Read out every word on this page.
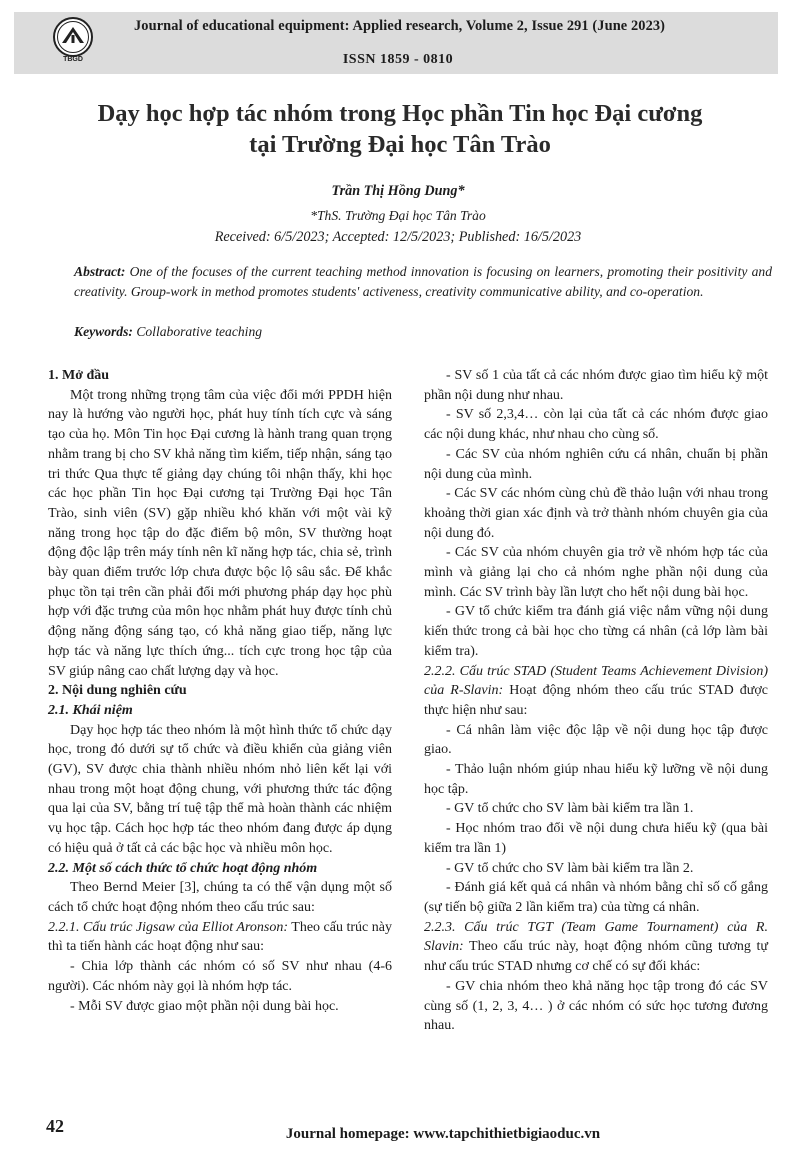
TBGD
Journal of educational equipment: Applied research, Volume 2, Issue 291 (June 2023)
ISSN 1859 - 0810
Dạy học hợp tác nhóm trong Học phần Tin học Đại cương
tại Trường Đại học Tân Trào
Trần Thị Hồng Dung*
*ThS. Trường Đại học Tân Trào
Received: 6/5/2023; Accepted: 12/5/2023; Published: 16/5/2023

Abstract: One of the focuses of the current teaching method innovation is focusing on learners, promoting their positivity and creativity. Group-work in method promotes students' activeness, creativity communicative ability, and co-operation.

Keywords: Collaborative teaching

1. Mở đầu

Một trong những trọng tâm của việc đổi mới PPDH hiện nay là hướng vào người học, phát huy tính tích cực và sáng tạo của họ. Môn Tin học Đại cương là hành trang quan trọng nhằm trang bị cho SV khả năng tìm kiếm, tiếp nhận, sáng tạo tri thức Qua thực tế giảng dạy chúng tôi nhận thấy, khi học các học phần Tin học Đại cương tại Trường Đại học Tân Trào, sinh viên (SV) gặp nhiều khó khăn với một vài kỹ năng trong học tập do đặc điểm bộ môn, SV thường hoạt động độc lập trên máy tính nên kĩ năng hợp tác, chia sẻ, trình bày quan điểm trước lớp chưa được bộc lộ sâu sắc. Để khắc phục tồn tại trên cần phải đổi mới phương pháp dạy học phù hợp với đặc trưng của môn học nhằm phát huy được tính chủ động năng động sáng tạo, có khả năng giao tiếp, năng lực hợp tác và năng lực thích ứng... tích cực trong học tập của SV giúp nâng cao chất lượng dạy và học.

2. Nội dung nghiên cứu

2.1. Khái niệm

Dạy học hợp tác theo nhóm là một hình thức tổ chức dạy học, trong đó dưới sự tổ chức và điều khiển của giảng viên (GV), SV được chia thành nhiều nhóm nhỏ liên kết lại với nhau trong một hoạt động chung, với phương thức tác động qua lại của SV, bằng trí tuệ tập thể mà hoàn thành các nhiệm vụ học tập. Cách học hợp tác theo nhóm đang được áp dụng có hiệu quả ở tất cả các bậc học và nhiều môn học.

2.2. Một số cách thức tổ chức hoạt động nhóm

Theo Bernd Meier [3], chúng ta có thể vận dụng một số cách tổ chức hoạt động nhóm theo cấu trúc sau:

2.2.1. Cấu trúc Jigsaw của Elliot Aronson: Theo cấu trúc này thì ta tiến hành các hoạt động như sau:

- Chia lớp thành các nhóm có số SV như nhau (4-6 người). Các nhóm này gọi là nhóm hợp tác.

- Mỗi SV được giao một phần nội dung bài học.

- SV số 1 của tất cả các nhóm được giao tìm hiểu kỹ một phần nội dung như nhau.

- SV số 2,3,4… còn lại của tất cả các nhóm được giao các nội dung khác, như nhau cho cùng số.

- Các SV của nhóm nghiên cứu cá nhân, chuẩn bị phần nội dung của mình.

- Các SV các nhóm cùng chủ đề thảo luận với nhau trong khoảng thời gian xác định và trở thành nhóm chuyên gia của nội dung đó.

- Các SV của nhóm chuyên gia trở về nhóm hợp tác của mình và giảng lại cho cả nhóm nghe phần nội dung của mình. Các SV trình bày lần lượt cho hết nội dung bài học.

- GV tổ chức kiểm tra đánh giá việc nắm vững nội dung kiến thức trong cả bài học cho từng cá nhân (cả lớp làm bài kiểm tra).

2.2.2. Cấu trúc STAD (Student Teams Achievement Division) của R-Slavin: Hoạt động nhóm theo cấu trúc STAD được thực hiện như sau:

- Cá nhân làm việc độc lập về nội dung học tập được giao.

- Thảo luận nhóm giúp nhau hiểu kỹ lưỡng về nội dung học tập.

- GV tổ chức cho SV làm bài kiểm tra lần 1.

- Học nhóm trao đổi về nội dung chưa hiểu kỹ (qua bài kiểm tra lần 1)

- GV tổ chức cho SV làm bài kiểm tra lần 2.

- Đánh giá kết quả cá nhân và nhóm bằng chỉ số cố gắng (sự tiến bộ giữa 2 lần kiểm tra) của từng cá nhân.

2.2.3. Cấu trúc TGT (Team Game Tournament) của R. Slavin: Theo cấu trúc này, hoạt động nhóm cũng tương tự như cấu trúc STAD nhưng cơ chế có sự đối khác:

- GV chia nhóm theo khả năng học tập trong đó các SV cùng số (1, 2, 3, 4… ) ở các nhóm có sức học tương đương nhau.

42	Journal homepage: www.tapchithietbigiaoduc.vn
